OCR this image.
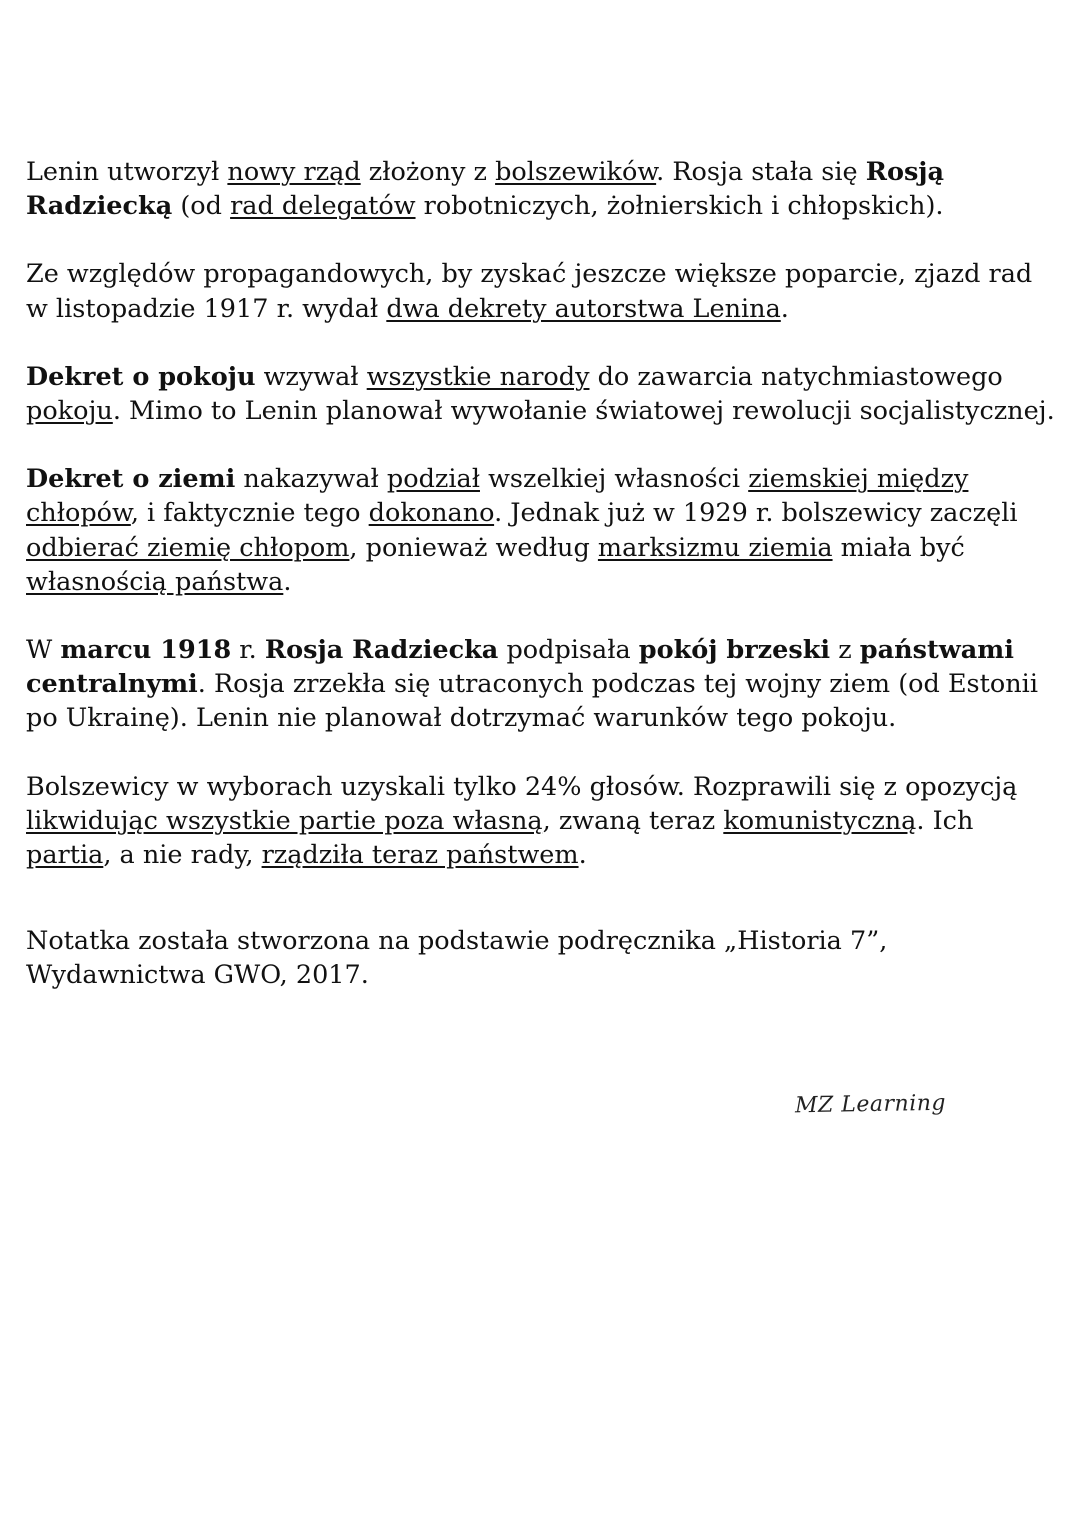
Lenin utworzył nowy rząd złożony z bolszewików. Rosja stała się Rosją Radziecką (od rad delegatów robotniczych, żołnierskich i chłopskich).

Ze względów propagandowych, by zyskać jeszcze większe poparcie, zjazd rad w listopadzie 1917 r. wydał dwa dekrety autorstwa Lenina.

Dekret o pokoju wzywał wszystkie narody do zawarcia natychmiastowego pokoju. Mimo to Lenin planował wywołanie światowej rewolucji socjalistycznej.

Dekret o ziemi nakazywał podział wszelkiej własności ziemskiej między chłopów, i faktycznie tego dokonano. Jednak już w 1929 r. bolszewicy zaczęli odbierać ziemię chłopom, ponieważ według marksizmu ziemia miała być własnością państwa.

W marcu 1918 r. Rosja Radziecka podpisała pokój brzeski z państwami centralnymi. Rosja zrzekła się utraconych podczas tej wojny ziem (od Estonii po Ukrainę). Lenin nie planował dotrzymać warunków tego pokoju.

Bolszewicy w wyborach uzyskali tylko 24% głosów. Rozprawili się z opozycją likwidując wszystkie partie poza własną, zwaną teraz komunistyczną. Ich partia, a nie rady, rządziła teraz państwem.

Notatka została stworzona na podstawie podręcznika „Historia 7”, Wydawnictwa GWO, 2017.

MZ Learning
